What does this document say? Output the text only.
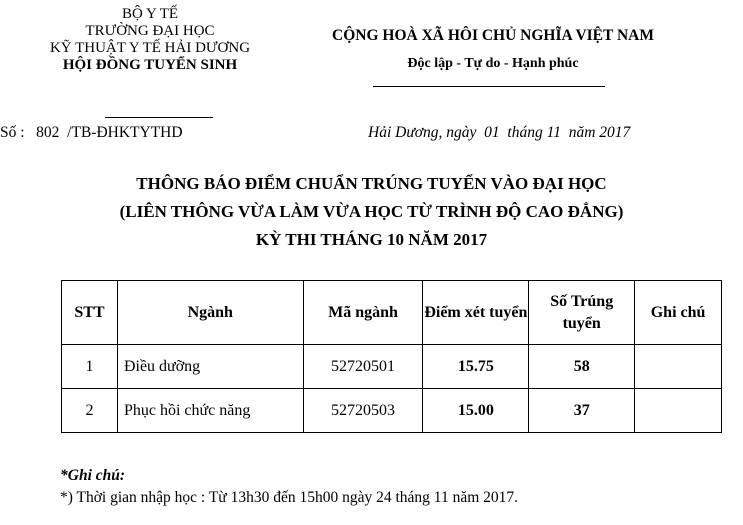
BỘ Y TẾ
TRƯỜNG ĐẠI HỌC
KỸ THUẬT Y TẾ HẢI DƯƠNG
HỘI ĐỒNG TUYỂN SINH
CỘNG HOÀ XÃ HÔI CHỦ NGHĨA VIỆT NAM
Độc lập - Tự do - Hạnh phúc
Số :   802  /TB-ĐHKTYTHD	Hải Dương, ngày  01  tháng 11  năm 2017
THÔNG BÁO ĐIỂM CHUẨN TRÚNG TUYỂN VÀO ĐẠI HỌC
(LIÊN THÔNG VỪA LÀM VỪA HỌC TỪ TRÌNH ĐỘ CAO ĐẲNG)
KỲ THI THÁNG 10 NĂM 2017
STT	Ngành	Mã ngành	Điểm xét tuyển	Số Trúng tuyển	Ghi chú
1	Điều dưỡng	52720501	15.75	58	
2	Phục hồi chức năng	52720503	15.00	37	
*Ghi chú:
*) Thời gian nhập học : Từ 13h30 đến 15h00 ngày 24 tháng 11 năm 2017.
